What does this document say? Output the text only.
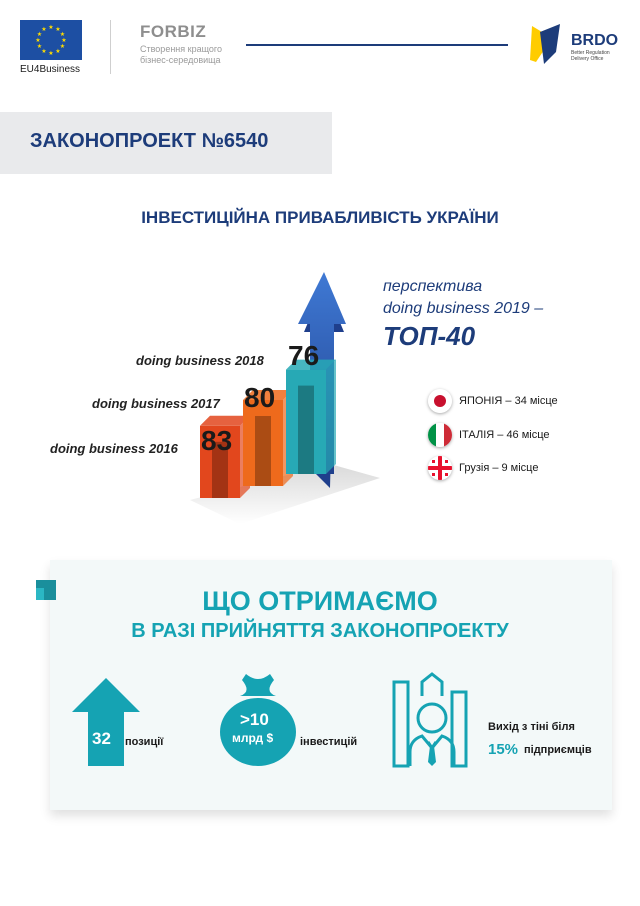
★ ★
★
★
★
★
★
★
★
★
★
★
EU4Business
FORBIZ
Створення кращого бізнес-середовища
BRDO
Better Regulation Delivery Office
ЗАКОНОПРОЕКТ №6540
ІНВЕСТИЦІЙНА ПРИВАБЛИВІСТЬ УКРАЇНИ
doing business 2016
doing business 2017
doing business 2018
83
80
76
перспектива
doing business 2019 –
ТОП-40
ЯПОНІЯ – 34 місце
ІТАЛІЯ – 46 місце
Грузія – 9 місце
ЩО ОТРИМАЄМО
В РАЗІ ПРИЙНЯТТЯ ЗАКОНОПРОЕКТУ
32 позиції
>10
млрд $ інвестицій
Вихід з тіні біля
15% підприємців
